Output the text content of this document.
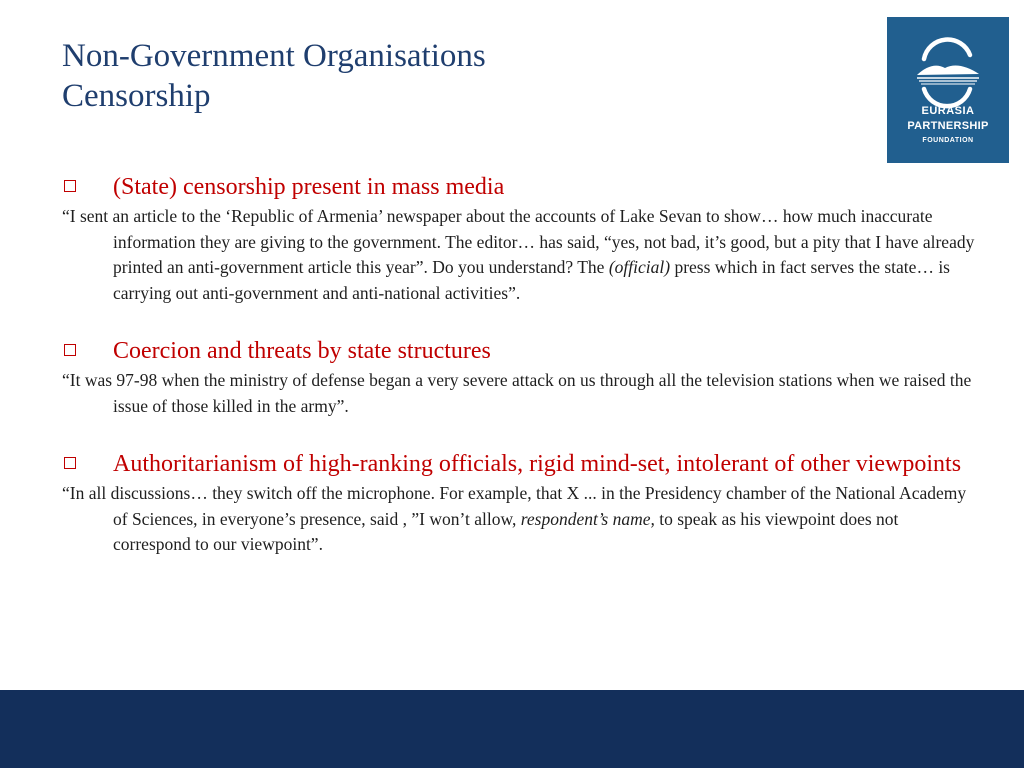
Non-Government Organisations
Censorship	EURASIA
PARTNERSHIP
FOUNDATION
(State) censorship present in mass media
“I sent an article to the ‘Republic of Armenia’ newspaper about the accounts of Lake Sevan to show… how much inaccurate information they are giving to the government. The editor… has said, “yes, not bad, it’s good, but a pity that I have already printed an anti-government article this year”. Do you understand? The (official) press which in fact serves the state… is carrying out anti-government and anti-national activities”.
Coercion and threats by state structures
“It was 97-98 when the ministry of defense began a very severe attack on us through all the television stations when we raised the issue of those killed in the army”.
Authoritarianism of high-ranking officials, rigid mind-set, intolerant of other viewpoints
“In all discussions… they switch off the microphone. For example, that X ... in the Presidency chamber of the National Academy of Sciences, in everyone’s presence, said , ”I won’t allow, respondent’s name, to speak as his viewpoint does not correspond to our viewpoint”.
